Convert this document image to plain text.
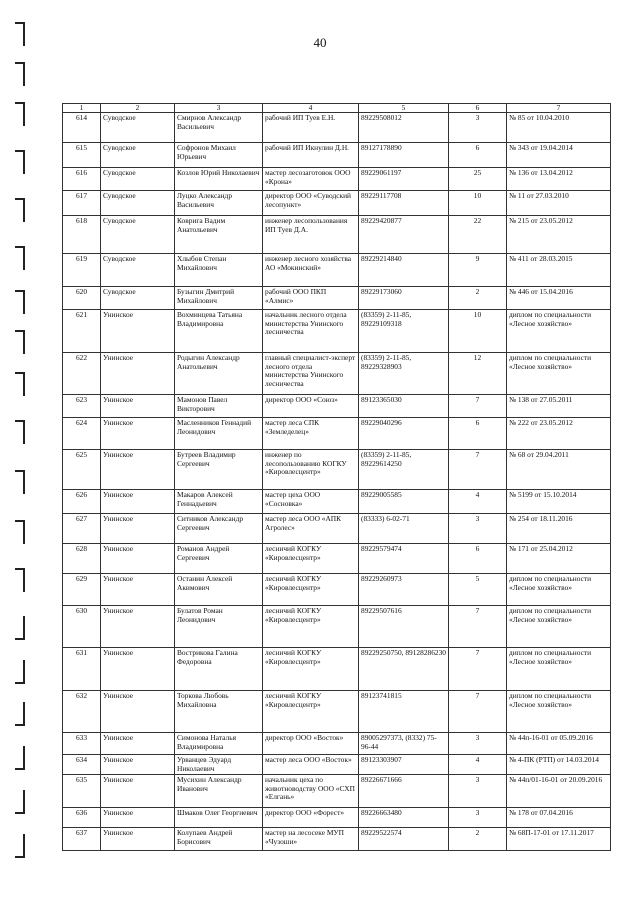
40
1	2	3	4	5	6	7
614	Суводское	Смирнов Александр Васильевич	рабочий ИП Туев Е.Н.	89229508012	3	№ 85 от 10.04.2010
615	Суводское	Софронов Михаил Юрьевич	рабочий ИП Икнулин Д.Н.	89127178890	6	№ 343 от 19.04.2014
616	Суводское	Козлов Юрий Николаевич	мастер лесозаготовок ООО «Крона»	89229061197	25	№ 136 от 13.04.2012
617	Суводское	Луцко Александр Васильевич	директор ООО «Суводский лесопункт»	89229117708	10	№ 11 от 27.03.2010
618	Суводское	Ковригa Вадим Анатольевич	инженер лесопользования ИП Туев Д.А.	89229420877	22	№ 215 от 23.05.2012
619	Суводское	Хлыбов Степан Михайлович	инженер лесного хозяйства АО «Мокинский»	89229214840	9	№ 411 от 28.03.2015
620	Суводское	Бузыгин Дмитрий Михайлович	рабочий ООО ПКП «Алмис»	89229173060	2	№ 446 от 15.04.2016
621	Унинское	Вохминцева Татьяна Владимировна	начальник лесного отдела министерства Унинского лесничества	(83359) 2-11-85, 89229109318	10	диплом по специальности «Лесное хозяйство»
622	Унинское	Родыгин Александр Анатольевич	главный специалист-эксперт лесного отдела министерства Унинского лесничества	(83359) 2-11-85, 89229328903	12	диплом по специальности «Лесное хозяйство»
623	Унинское	Мамонов Павел Викторович	директор ООО «Союз»	89123365030	7	№ 138 от 27.05.2011
624	Унинское	Масленников Геннадий Леонидович	мастер леса СПК «Земледелец»	89229040296	6	№ 222 от 23.05.2012
625	Унинское	Бутреев Владимир Сергеевич	инженер по лесопользованию КОГКУ «Кировлесцентр»	(83359) 2-11-85, 89229614250	7	№ 68 от 29.04.2011
626	Унинское	Макаров Алексей Геннадьевич	мастер цеха ООО «Сосновка»	89229005585	4	№ 5199 от 15.10.2014
627	Унинское	Ситников Александр Сергеевич	мастер леса ООО «АПК Агролес»	(83333) 6-02-71	3	№ 254 от 18.11.2016
628	Унинское	Романов Андрей Сергеевич	лесничий КОГКУ «Кировлесцентр»	89229579474	6	№ 171 от 25.04.2012
629	Унинское	Останин Алексей Акимович	лесничий КОГКУ «Кировлесцентр»	89229260973	5	диплом по специальности «Лесное хозяйство»
630	Унинское	Булатов Роман Леонидович	лесничий КОГКУ «Кировлесцентр»	89229507616	7	диплом по специальности «Лесное хозяйство»
631	Унинское	Вострикова Галина Федоровна	лесничий КОГКУ «Кировлесцентр»	89229250750, 89128286230	7	диплом по специальности «Лесное хозяйство»
632	Унинское	Торкова Любовь Михайловна	лесничий КОГКУ «Кировлесцентр»	89123741815	7	диплом по специальности «Лесное хозяйство»
633	Унинское	Симонова Наталья Владимировна	директор ООО «Восток»	89005297373, (8332) 75-96-44	3	№ 44п-16-01 от 05.09.2016
634	Унинское	Урванцев Эдуард Николаевич	мастер леса ООО «Восток»	89123303907	4	№ 4-ПК (РТП) от 14.03.2014
635	Унинское	Мусихин Александр Иванович	начальник цеха по животноводству ООО «СХП «Елгань»	89226671666	3	№ 44п/01-16-01 от 20.09.2016
636	Унинское	Шмаков Олег Георгиевич	директор ООО «Форест»	89226663480	3	№ 178 от 07.04.2016
637	Унинское	Колупаев Андрей Борисович	мастер на лесосеке МУП «Чузоши»	89229522574	2	№ 68П-17-01 от 17.11.2017
